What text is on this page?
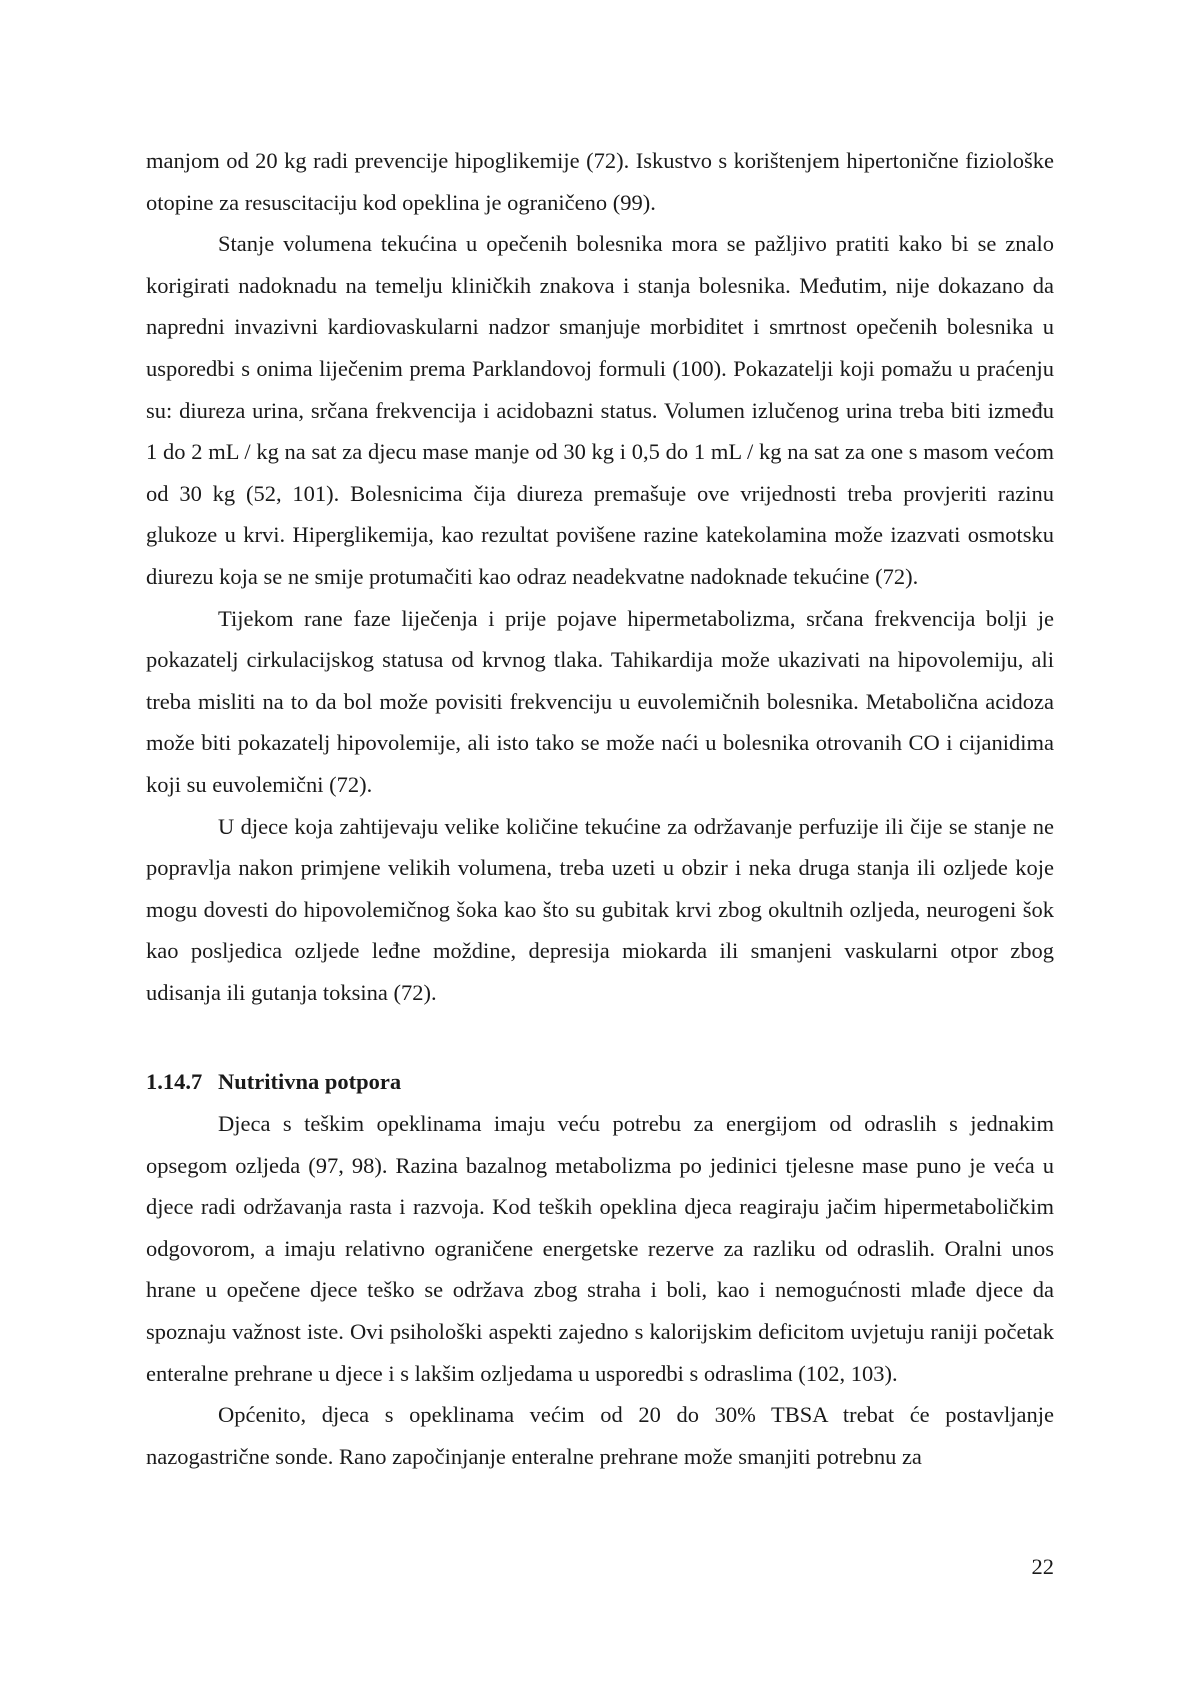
manjom od 20 kg radi prevencije hipoglikemije (72). Iskustvo s korištenjem hipertonične fiziološke otopine za resuscitaciju kod opeklina je ograničeno (99).

Stanje volumena tekućina u opečenih bolesnika mora se pažljivo pratiti kako bi se znalo korigirati nadoknadu na temelju kliničkih znakova i stanja bolesnika. Međutim, nije dokazano da napredni invazivni kardiovaskularni nadzor smanjuje morbiditet i smrtnost opečenih bolesnika u usporedbi s onima liječenim prema Parklandovoj formuli (100). Pokazatelji koji pomažu u praćenju su: diureza urina, srčana frekvencija i acidobazni status. Volumen izlučenog urina treba biti između 1 do 2 mL / kg na sat za djecu mase manje od 30 kg i 0,5 do 1 mL / kg na sat za one s masom većom od 30 kg (52, 101). Bolesnicima čija diureza premašuje ove vrijednosti treba provjeriti razinu glukoze u krvi. Hiperglikemija, kao rezultat povišene razine katekolamina može izazvati osmotsku diurezu koja se ne smije protumačiti kao odraz neadekvatne nadoknade tekućine (72).

Tijekom rane faze liječenja i prije pojave hipermetabolizma, srčana frekvencija bolji je pokazatelj cirkulacijskog statusa od krvnog tlaka. Tahikardija može ukazivati na hipovolemiju, ali treba misliti na to da bol može povisiti frekvenciju u euvolemičnih bolesnika. Metabolična acidoza može biti pokazatelj hipovolemije, ali isto tako se može naći u bolesnika otrovanih CO i cijanidima koji su euvolemični (72).

U djece koja zahtijevaju velike količine tekućine za održavanje perfuzije ili čije se stanje ne popravlja nakon primjene velikih volumena, treba uzeti u obzir i neka druga stanja ili ozljede koje mogu dovesti do hipovolemičnog šoka kao što su gubitak krvi zbog okultnih ozljeda, neurogeni šok kao posljedica ozljede leđne moždine, depresija miokarda ili smanjeni vaskularni otpor zbog udisanja ili gutanja toksina (72).

1.14.7 Nutritivna potpora

Djeca s teškim opeklinama imaju veću potrebu za energijom od odraslih s jednakim opsegom ozljeda (97, 98). Razina bazalnog metabolizma po jedinici tjelesne mase puno je veća u djece radi održavanja rasta i razvoja. Kod teških opeklina djeca reagiraju jačim hipermetaboličkim odgovorom, a imaju relativno ograničene energetske rezerve za razliku od odraslih. Oralni unos hrane u opečene djece teško se održava zbog straha i boli, kao i nemogućnosti mlađe djece da spoznaju važnost iste. Ovi psihološki aspekti zajedno s kalorijskim deficitom uvjetuju raniji početak enteralne prehrane u djece i s lakšim ozljedama u usporedbi s odraslima (102, 103).

Općenito, djeca s opeklinama većim od 20 do 30% TBSA trebat će postavljanje nazogastrične sonde. Rano započinjanje enteralne prehrane može smanjiti potrebnu za

22
